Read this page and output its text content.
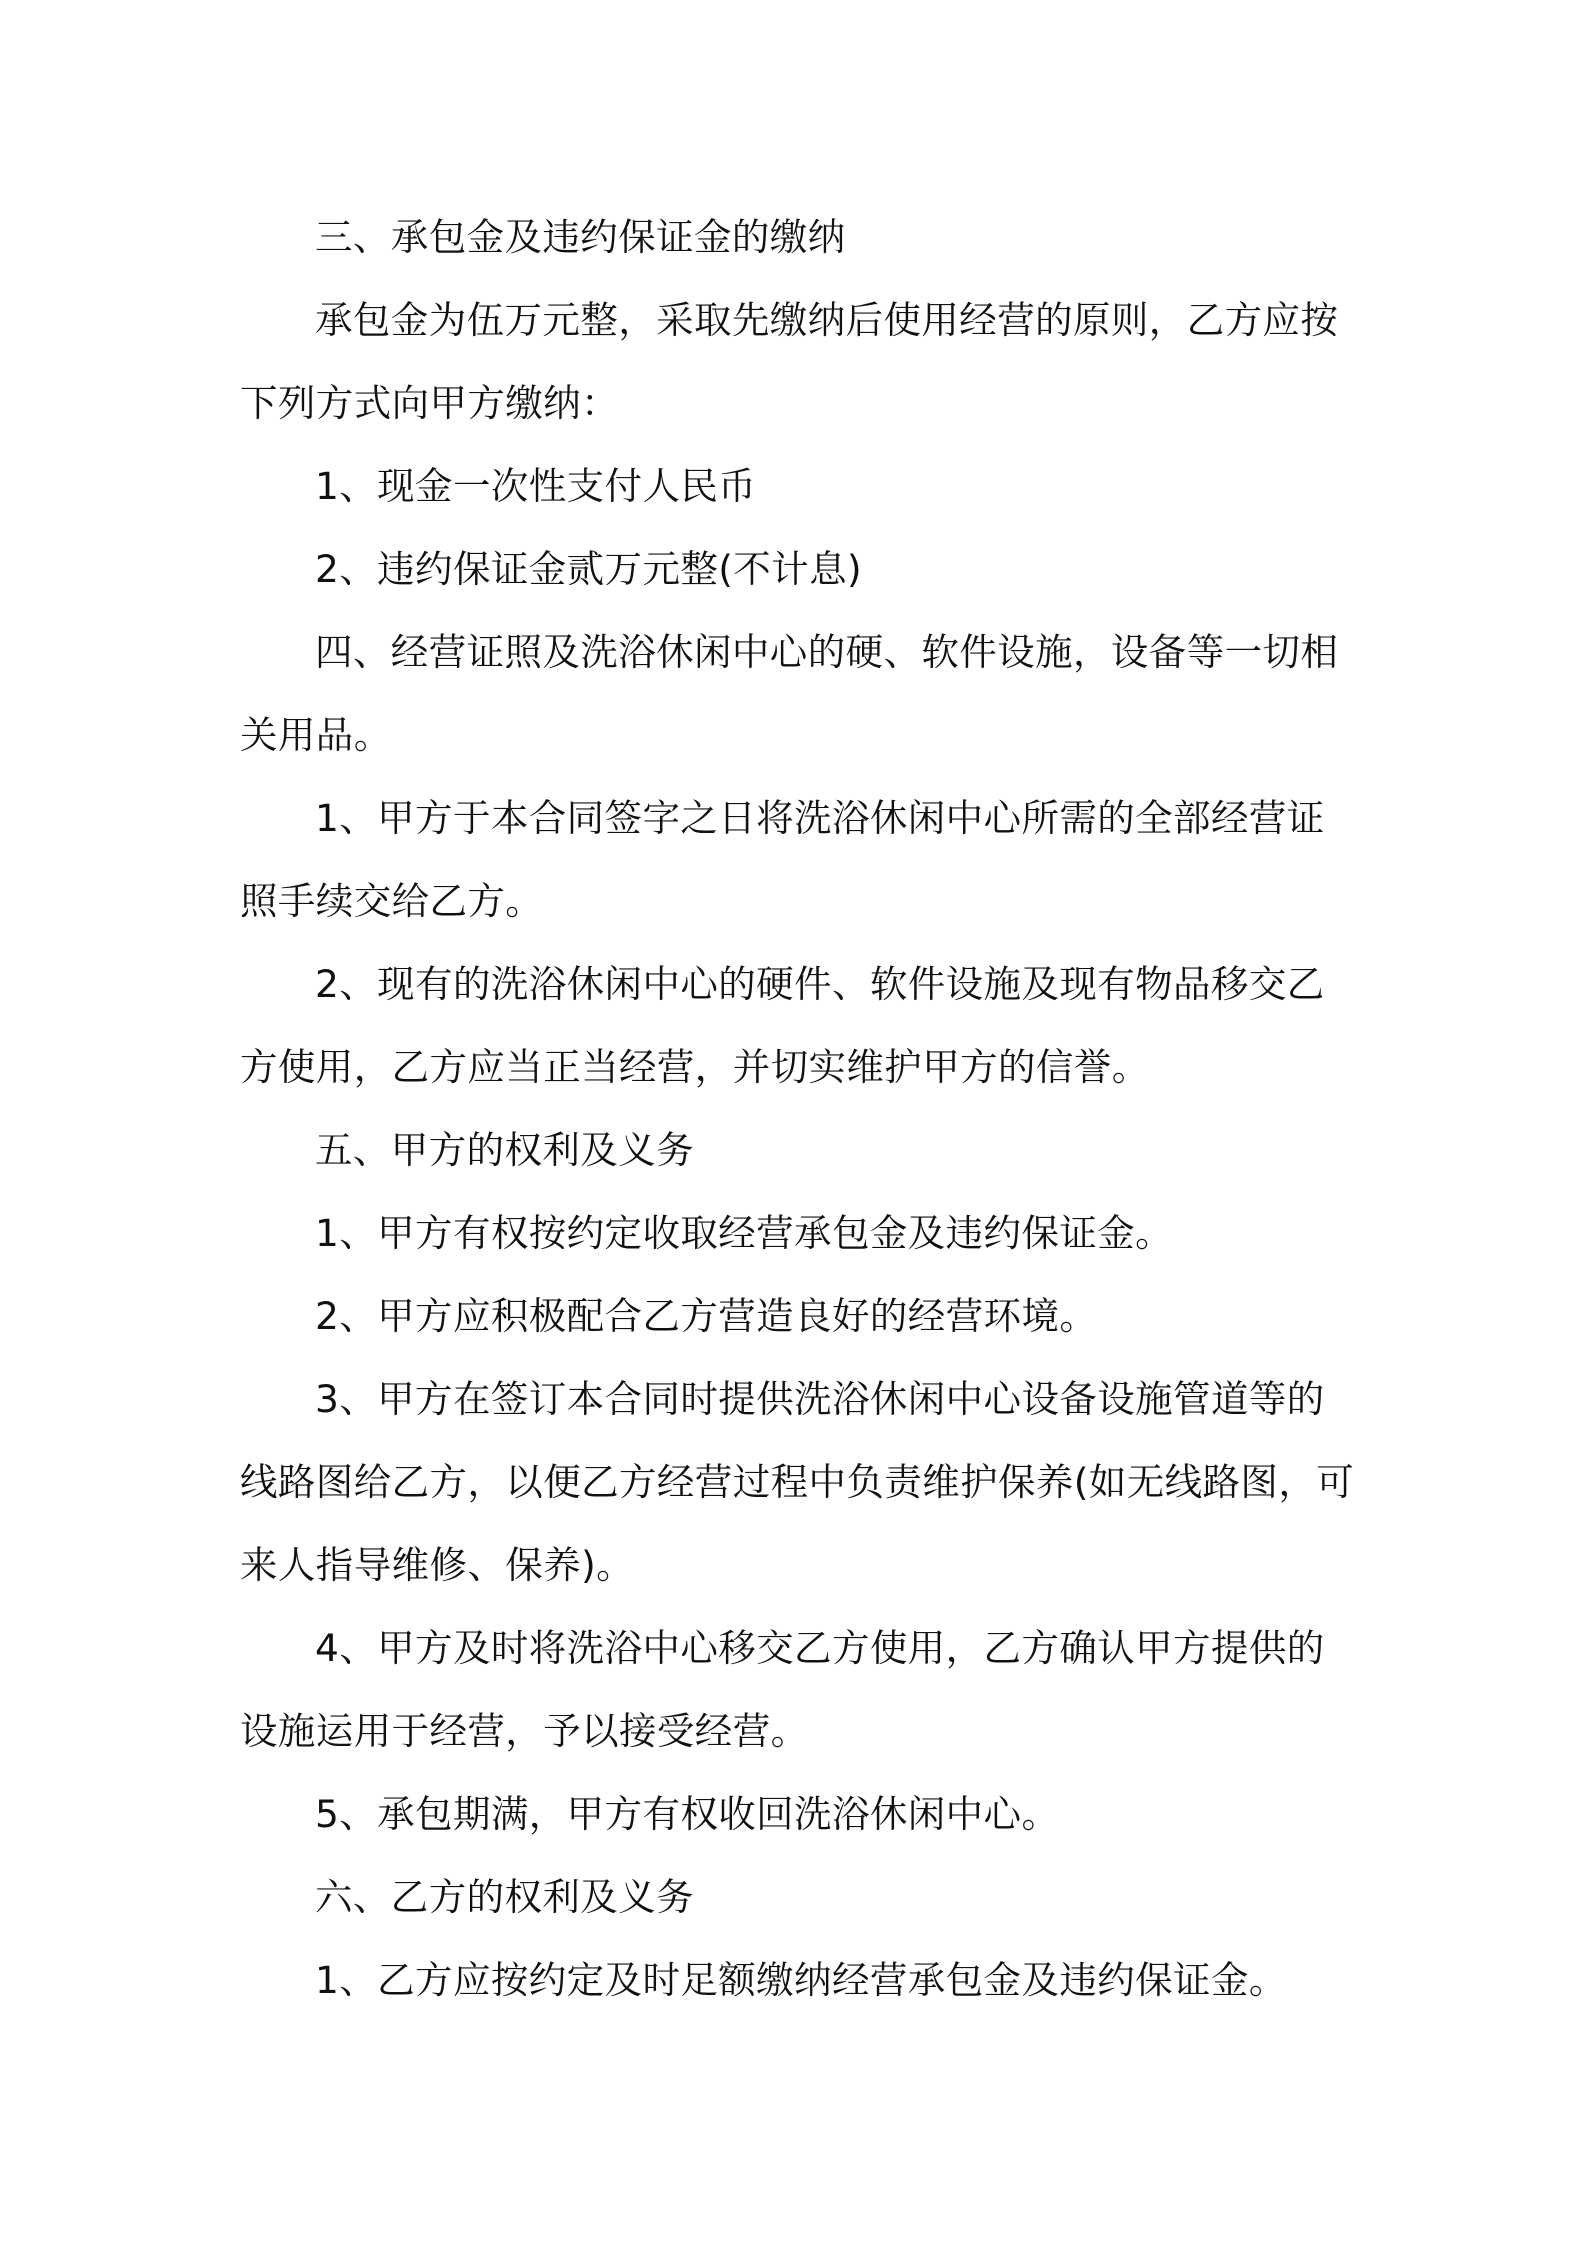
三、承包金及违约保证金的缴纳

承包金为伍万元整，采取先缴纳后使用经营的原则，乙方应按下列方式向甲方缴纳：

1、现金一次性支付人民币

2、违约保证金贰万元整(不计息)

四、经营证照及洗浴休闲中心的硬、软件设施，设备等一切相关用品。

1、甲方于本合同签字之日将洗浴休闲中心所需的全部经营证照手续交给乙方。

2、现有的洗浴休闲中心的硬件、软件设施及现有物品移交乙方使用，乙方应当正当经营，并切实维护甲方的信誉。

五、甲方的权利及义务

1、甲方有权按约定收取经营承包金及违约保证金。

2、甲方应积极配合乙方营造良好的经营环境。

3、甲方在签订本合同时提供洗浴休闲中心设备设施管道等的线路图给乙方，以便乙方经营过程中负责维护保养(如无线路图，可来人指导维修、保养)。

4、甲方及时将洗浴中心移交乙方使用，乙方确认甲方提供的设施运用于经营，予以接受经营。

5、承包期满，甲方有权收回洗浴休闲中心。

六、乙方的权利及义务

1、乙方应按约定及时足额缴纳经营承包金及违约保证金。
